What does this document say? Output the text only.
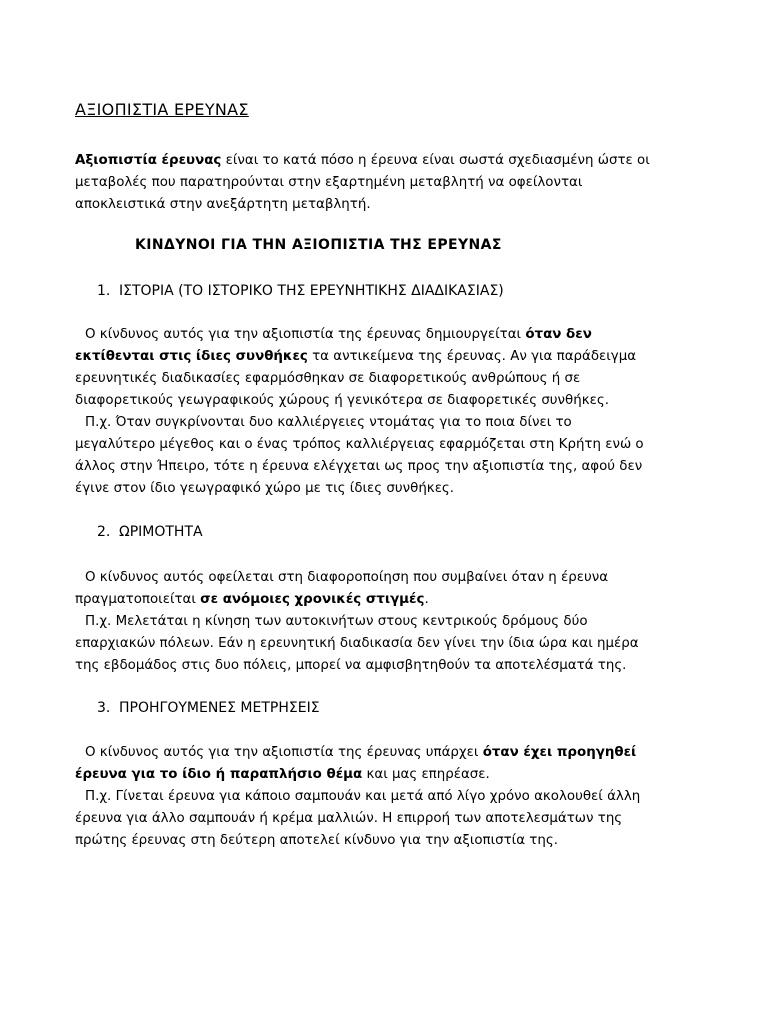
ΑΞΙΟΠΙΣΤΙΑ ΕΡΕΥΝΑΣ
Αξιοπιστία έρευνας είναι το κατά πόσο η έρευνα είναι σωστά σχεδιασμένη ώστε οι
μεταβολές που παρατηρούνται στην εξαρτημένη μεταβλητή να οφείλονται
αποκλειστικά στην ανεξάρτητη μεταβλητή.
ΚΙΝΔΥΝΟΙ ΓΙΑ ΤΗΝ ΑΞΙΟΠΙΣΤΙΑ ΤΗΣ ΕΡΕΥΝΑΣ
1. ΙΣΤΟΡΙΑ (ΤΟ ΙΣΤΟΡΙΚΟ ΤΗΣ ΕΡΕΥΝΗΤΙΚΗΣ ΔΙΑΔΙΚΑΣΙΑΣ)
Ο κίνδυνος αυτός για την αξιοπιστία της έρευνας δημιουργείται όταν δεν
εκτίθενται στις ίδιες συνθήκες τα αντικείμενα της έρευνας. Αν για παράδειγμα
ερευνητικές διαδικασίες εφαρμόσθηκαν σε διαφορετικούς ανθρώπους ή σε
διαφορετικούς γεωγραφικούς χώρους ή γενικότερα σε διαφορετικές συνθήκες.
Π.χ. Όταν συγκρίνονται δυο καλλιέργειες ντομάτας για το ποια δίνει το
μεγαλύτερο μέγεθος και ο ένας τρόπος καλλιέργειας εφαρμόζεται στη Κρήτη ενώ ο
άλλος στην Ήπειρο, τότε η έρευνα ελέγχεται ως προς την αξιοπιστία της, αφού δεν
έγινε στον ίδιο γεωγραφικό χώρο με τις ίδιες συνθήκες.
2. ΩΡΙΜΟΤΗΤΑ
Ο κίνδυνος αυτός οφείλεται στη διαφοροποίηση που συμβαίνει όταν η έρευνα
πραγματοποιείται σε ανόμοιες χρονικές στιγμές.
Π.χ. Μελετάται η κίνηση των αυτοκινήτων στους κεντρικούς δρόμους δύο
επαρχιακών πόλεων. Εάν η ερευνητική διαδικασία δεν γίνει την ίδια ώρα και ημέρα
της εβδομάδος στις δυο πόλεις, μπορεί να αμφισβητηθούν τα αποτελέσματά της.
3. ΠΡΟΗΓΟΥΜΕΝΕΣ ΜΕΤΡΗΣΕΙΣ
Ο κίνδυνος αυτός για την αξιοπιστία της έρευνας υπάρχει όταν έχει προηγηθεί
έρευνα για το ίδιο ή παραπλήσιο θέμα και μας επηρέασε.
Π.χ. Γίνεται έρευνα για κάποιο σαμπουάν και μετά από λίγο χρόνο ακολουθεί άλλη
έρευνα για άλλο σαμπουάν ή κρέμα μαλλιών. Η επιρροή των αποτελεσμάτων της
πρώτης έρευνας στη δεύτερη αποτελεί κίνδυνο για την αξιοπιστία της.
